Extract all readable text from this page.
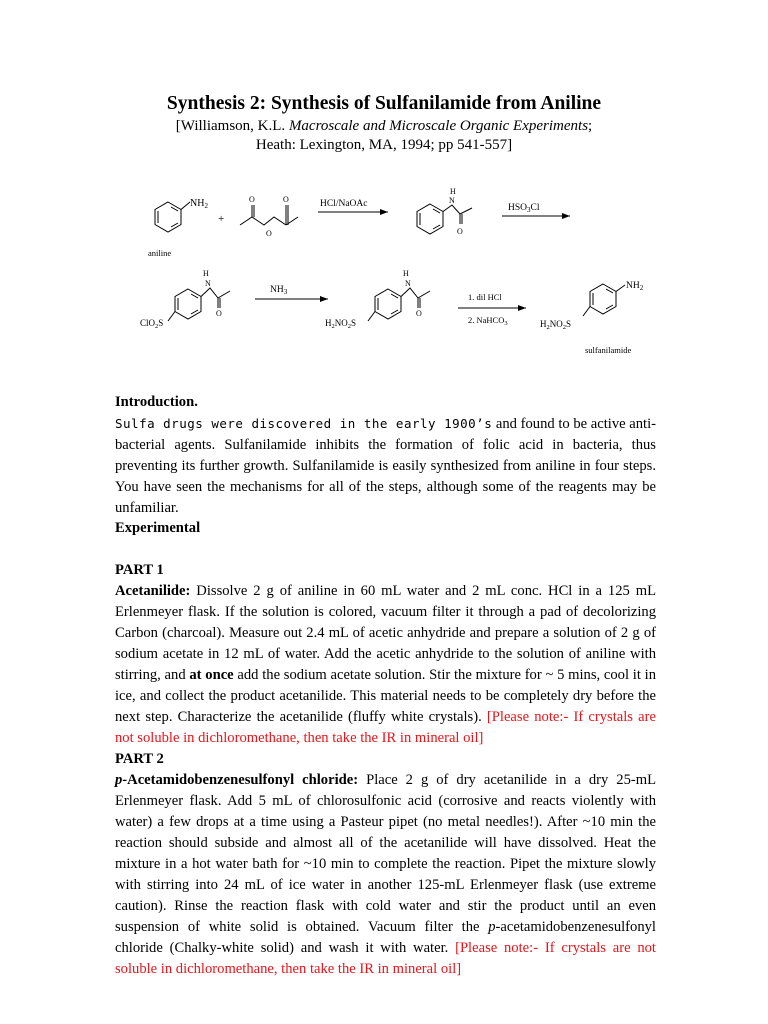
Synthesis 2: Synthesis of Sulfanilamide from Aniline
[Williamson, K.L. Macroscale and Microscale Organic Experiments;
Heath: Lexington, MA, 1994; pp 541-557]
$NH_2$
+
O	O
O
HCl/NaOAc
aniline
H
N
O
$HSO_3Cl$
H
N
O
ClO$_2$S
$NH_3$
H
N
O
$H_2NO_2S$
1. dil HCl
2. NaHCO$_3$
$NH_2$
$H_2NO_2S$
sulfanilamide
Introduction.
Sulfa drugs were discovered in the early 1900’s and found to be active anti-bacterial agents. Sulfanilamide inhibits the formation of folic acid in bacteria, thus preventing its further growth. Sulfanilamide is easily synthesized from aniline in four steps. You have seen the mechanisms for all of the steps, although some of the reagents may be unfamiliar.
Experimental
PART 1
Acetanilide: Dissolve 2 g of aniline in 60 mL water and 2 mL conc. HCl in a 125 mL Erlenmeyer flask. If the solution is colored, vacuum filter it through a pad of decolorizing Carbon (charcoal). Measure out 2.4 mL of acetic anhydride and prepare a solution of 2 g of sodium acetate in 12 mL of water. Add the acetic anhydride to the solution of aniline with stirring, and at once add the sodium acetate solution. Stir the mixture for ~ 5 mins, cool it in ice, and collect the product acetanilide. This material needs to be completely dry before the next step. Characterize the acetanilide (fluffy white crystals). [Please note:- If crystals are not soluble in dichloromethane, then take the IR in mineral oil]
PART 2
p-Acetamidobenzenesulfonyl chloride: Place 2 g of dry acetanilide in a dry 25-mL Erlenmeyer flask. Add 5 mL of chlorosulfonic acid (corrosive and reacts violently with water) a few drops at a time using a Pasteur pipet (no metal needles!). After ~10 min the reaction should subside and almost all of the acetanilide will have dissolved. Heat the mixture in a hot water bath for ~10 min to complete the reaction. Pipet the mixture slowly with stirring into 24 mL of ice water in another 125-mL Erlenmeyer flask (use extreme caution). Rinse the reaction flask with cold water and stir the product until an even suspension of white solid is obtained. Vacuum filter the p-acetamidobenzenesulfonyl chloride (Chalky-white solid) and wash it with water. [Please note:- If crystals are not soluble in dichloromethane, then take the IR in mineral oil]
